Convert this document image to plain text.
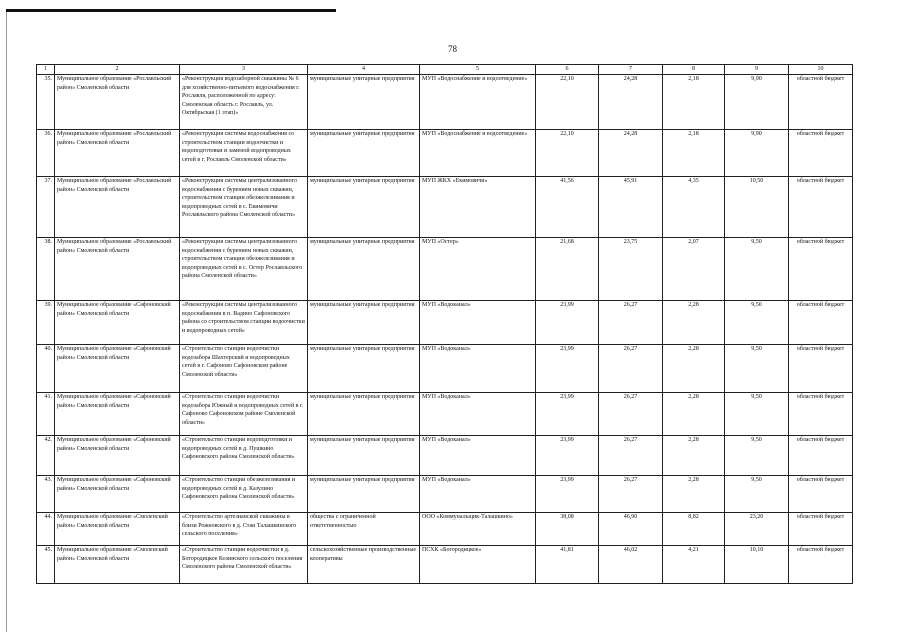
78
1	2	3	4	5	6	7	8	9	10
35.	Муниципальное образование «Рославльский район» Смоленской области	«Реконструкция водозаборной скважины № 6 для хозяйственно-питьевого водоснабжения г. Рославля, расположенной по адресу: Смоленская область г. Рославль, ул. Октябрьская (1 этап)»	муниципальные унитарные предприятия	МУП «Водоснабжение и водоотведение»	22,10	24,28	2,18	9,90	областной бюджет
36.	Муниципальное образование «Рославльский район» Смоленской области	«Реконструкция системы водоснабжения со строительством станции водоочистки и водоподготовки и заменой водопроводных сетей в г. Рославль Смоленской области»	муниципальные унитарные предприятия	МУП «Водоснабжение и водоотведение»	22,10	24,28	2,18	9,90	областной бюджет
37.	Муниципальное образование «Рославльский район» Смоленской области	«Реконструкция системы централизованного водоснабжения с бурением новых скважин, строительством станции обезжелезивания и водопроводных сетей в с. Екимовичи Рославльского района Смоленской области»	муниципальные унитарные предприятия	МУП ЖКХ «Екимовичи»	41,56	45,91	4,35	10,50	областной бюджет
38.	Муниципальное образование «Рославльский район» Смоленской области	«Реконструкция системы централизованного водоснабжения с бурением новых скважин, строительством станции обезжелезивания и водопроводных сетей в с. Остер Рославльского района Смоленской области»	муниципальные унитарные предприятия	МУП «Остер»	21,68	23,75	2,07	9,50	областной бюджет
39.	Муниципальное образование «Сафоновский район» Смоленской области	«Реконструкция системы централизованного водоснабжения в п. Вадино Сафоновского района со строительством станции водоочистки и водопроводных сетей»	муниципальные унитарные предприятия	МУП «Водоканал»	23,99	26,27	2,28	9,50	областной бюджет
40.	Муниципальное образование «Сафоновский район» Смоленской области	«Строительство станции водоочистки водозабора Шахтерский и водопроводных сетей в г. Сафоново Сафоновском районе Смоленской области»	муниципальные унитарные предприятия	МУП «Водоканал»	23,99	26,27	2,28	9,50	областной бюджет
41.	Муниципальное образование «Сафоновский район» Смоленской области	«Строительство станции водоочистки водозабора Южный и водопроводных сетей в г. Сафоново Сафоновском районе Смоленской области»	муниципальные унитарные предприятия	МУП «Водоканал»	23,99	26,27	2,28	9,50	областной бюджет
42.	Муниципальное образование «Сафоновский район» Смоленской области	«Строительство станции водоподготовки и водопроводных сетей в д. Пушкино Сафоновского района Смоленской области»	муниципальные унитарные предприятия	МУП «Водоканал»	23,99	26,27	2,28	9,50	областной бюджет
43.	Муниципальное образование «Сафоновский район» Смоленской области	«Строительство станции обезжелезивания и водопроводных сетей в д. Казулино Сафоновского района Смоленской области»	муниципальные унитарные предприятия	МУП «Водоканал»	23,99	26,27	2,28	9,50	областной бюджет
44.	Муниципальное образование «Смоленский район» Смоленской области	«Строительство артезианской скважины в близи Рожновского в д. Стаи Талашкинского сельского поселения»	общества с ограниченной ответственностью	ООО «Коммунальщик-Талашкино»	38,08	46,90	8,82	23,20	областной бюджет
45.	Муниципальное образование «Смоленский район» Смоленской области	«Строительство станции водоочистки в д. Богородицкое Козинского сельского поселения Смоленского района Смоленской области»	сельскохозяйственные производственные кооперативы	ПСХК «Богородицкое»	41,81	46,02	4,21	10,10	областной бюджет
